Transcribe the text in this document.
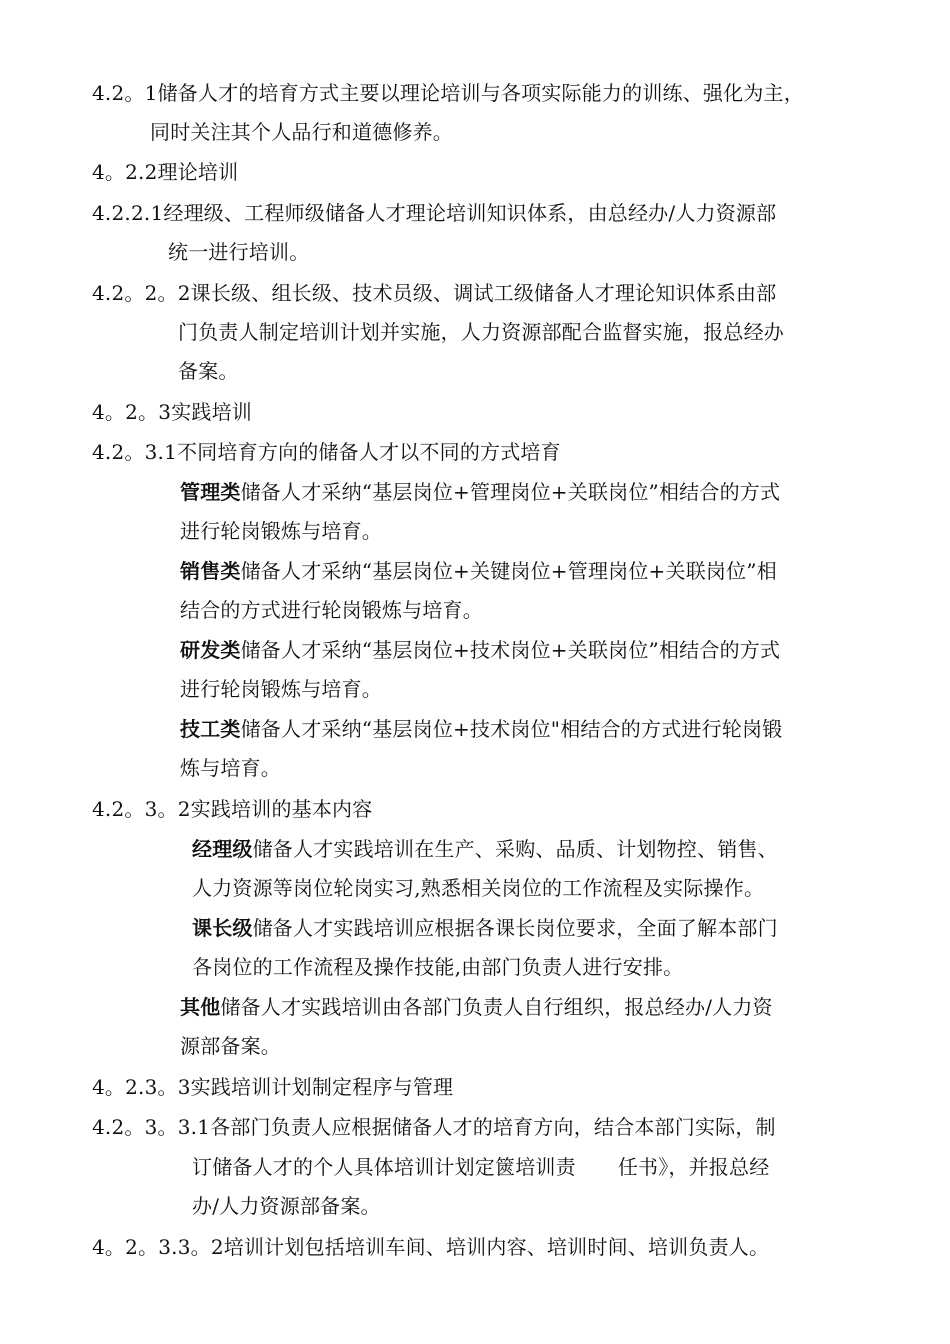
4.2。1储备人才的培育方式主要以理论培训与各项实际能力的训练、强化为主，
同时关注其个人品行和道德修养。
4。2.2理论培训
4.2.2.1经理级、工程师级储备人才理论培训知识体系，由总经办/人力资源部
统一进行培训。
4.2。2。2课长级、组长级、技术员级、调试工级储备人才理论知识体系由部
门负责人制定培训计划并实施，人力资源部配合监督实施，报总经办
备案。
4。2。3实践培训
4.2。3.1不同培育方向的储备人才以不同的方式培育
管理类储备人才采纳“基层岗位+管理岗位+关联岗位”相结合的方式
进行轮岗锻炼与培育。
销售类储备人才采纳“基层岗位+关键岗位+管理岗位+关联岗位”相
结合的方式进行轮岗锻炼与培育。
研发类储备人才采纳“基层岗位+技术岗位+关联岗位”相结合的方式
进行轮岗锻炼与培育。
技工类储备人才采纳“基层岗位+技术岗位"相结合的方式进行轮岗锻
炼与培育。
4.2。3。2实践培训的基本内容
经理级储备人才实践培训在生产、采购、品质、计划物控、销售、
人力资源等岗位轮岗实习,熟悉相关岗位的工作流程及实际操作。
课长级储备人才实践培训应根据各课长岗位要求，全面了解本部门
各岗位的工作流程及操作技能,由部门负责人进行安排。
其他储备人才实践培训由各部门负责人自行组织，报总经办/人力资
源部备案。
4。2.3。3实践培训计划制定程序与管理
4.2。3。3.1各部门负责人应根据储备人才的培育方向，结合本部门实际，制
订储备人才的个人具体培训计划定篋培训责 任书》，并报总经
办/人力资源部备案。
4。2。3.3。2培训计划包括培训车间、培训内容、培训时间、培训负责人。
